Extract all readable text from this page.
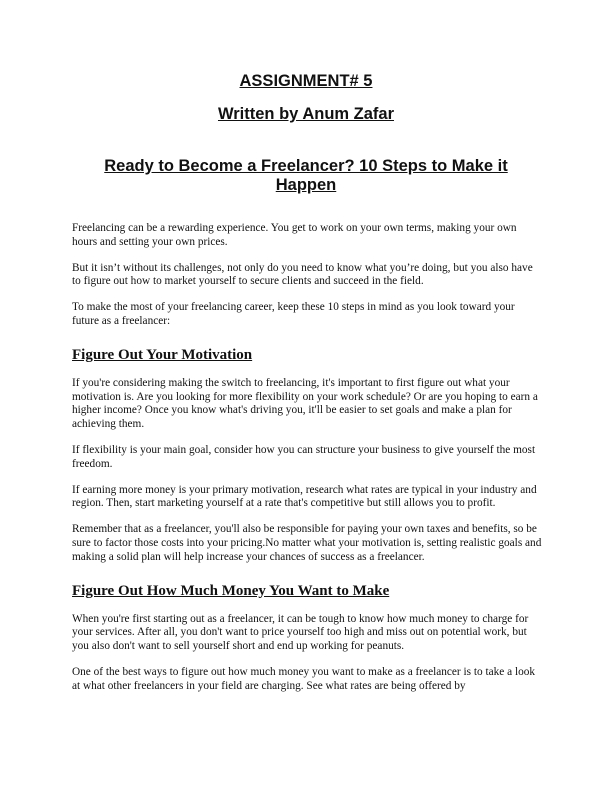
ASSIGNMENT# 5
Written by Anum Zafar
Ready to Become a Freelancer? 10 Steps to Make it Happen

Freelancing can be a rewarding experience. You get to work on your own terms, making your own hours and setting your own prices.

But it isn’t without its challenges, not only do you need to know what you’re doing, but you also have to figure out how to market yourself to secure clients and succeed in the field.

To make the most of your freelancing career, keep these 10 steps in mind as you look toward your future as a freelancer:

Figure Out Your Motivation

If you're considering making the switch to freelancing, it's important to first figure out what your motivation is. Are you looking for more flexibility on your work schedule? Or are you hoping to earn a higher income? Once you know what's driving you, it'll be easier to set goals and make a plan for achieving them.

If flexibility is your main goal, consider how you can structure your business to give yourself the most freedom.

If earning more money is your primary motivation, research what rates are typical in your industry and region. Then, start marketing yourself at a rate that's competitive but still allows you to profit.

Remember that as a freelancer, you'll also be responsible for paying your own taxes and benefits, so be sure to factor those costs into your pricing.No matter what your motivation is, setting realistic goals and making a solid plan will help increase your chances of success as a freelancer.

Figure Out How Much Money You Want to Make

When you're first starting out as a freelancer, it can be tough to know how much money to charge for your services. After all, you don't want to price yourself too high and miss out on potential work, but you also don't want to sell yourself short and end up working for peanuts.

One of the best ways to figure out how much money you want to make as a freelancer is to take a look at what other freelancers in your field are charging. See what rates are being offered by
